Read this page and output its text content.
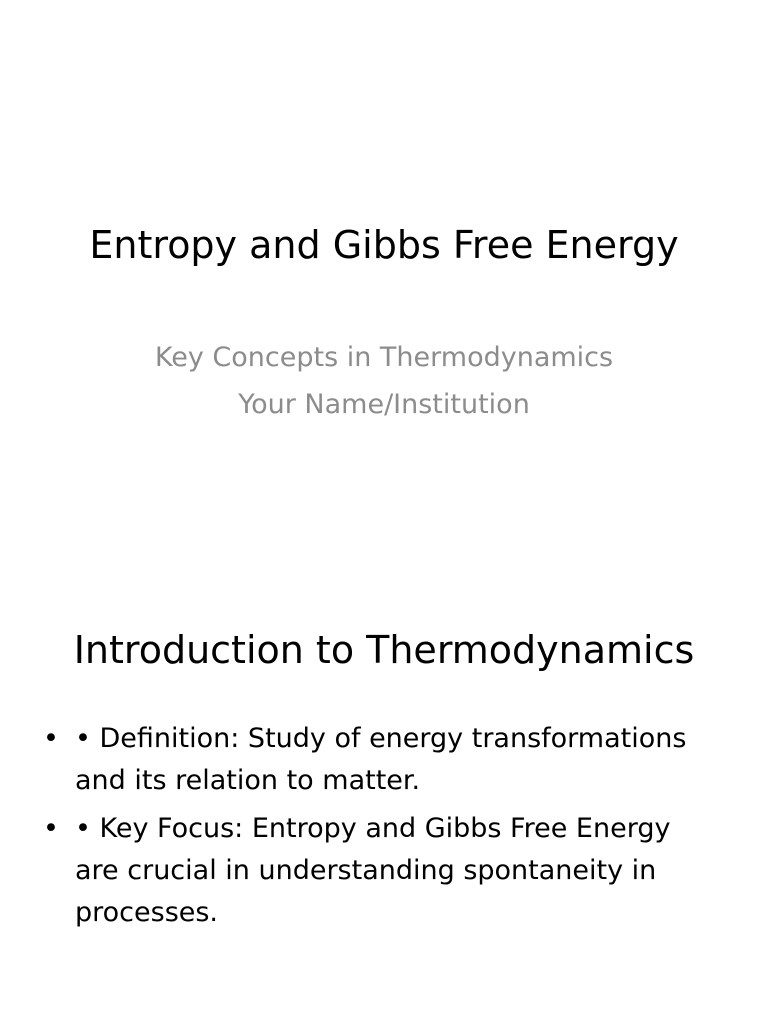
Entropy and Gibbs Free Energy
Key Concepts in Thermodynamics
Your Name/Institution
Introduction to Thermodynamics
• • Definition: Study of energy transformations and its relation to matter.
• • Key Focus: Entropy and Gibbs Free Energy are crucial in understanding spontaneity in processes.
